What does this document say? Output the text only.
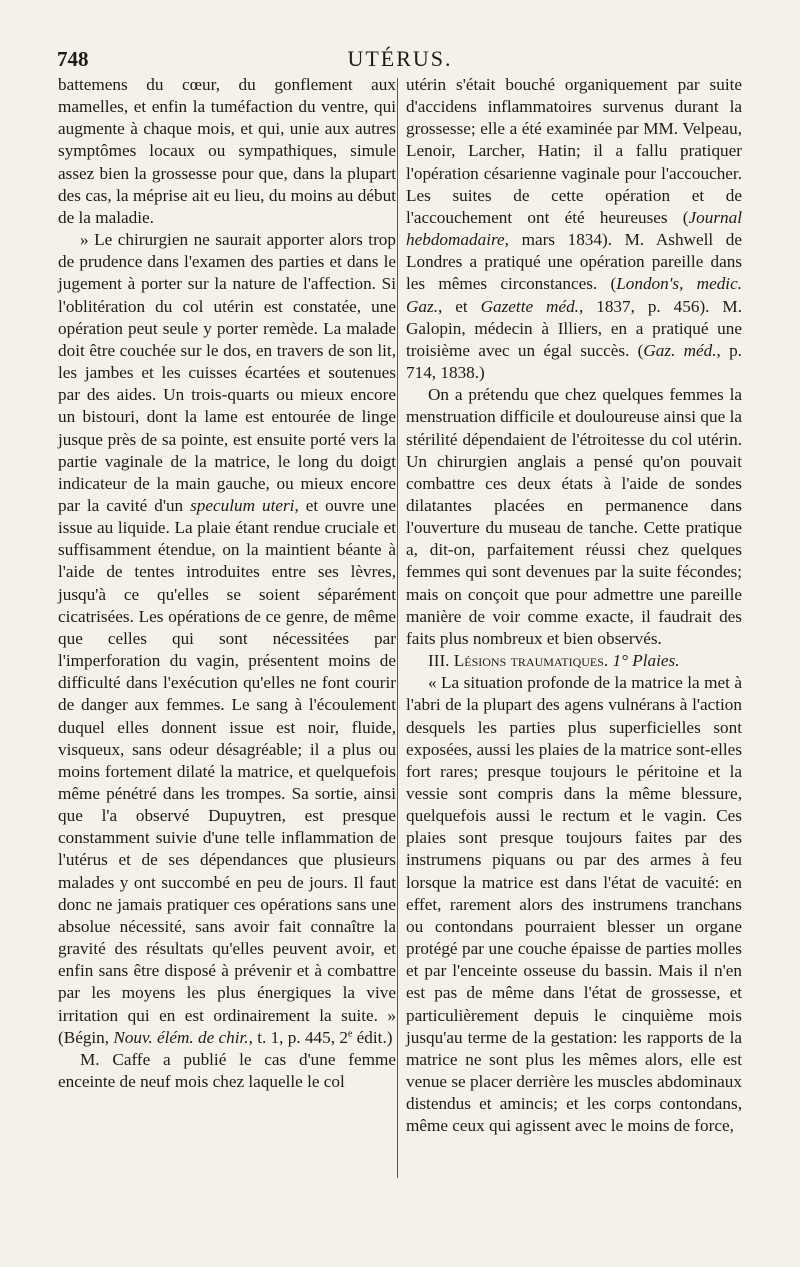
748	UTÉRUS.

battemens du cœur, du gonflement aux mamelles, et enfin la tuméfaction du ventre, qui augmente à chaque mois, et qui, unie aux autres symptômes locaux ou sympathiques, simule assez bien la grossesse pour que, dans la plupart des cas, la méprise ait eu lieu, du moins au début de la maladie.

» Le chirurgien ne saurait apporter alors trop de prudence dans l'examen des parties et dans le jugement à porter sur la nature de l'affection. Si l'oblitération du col utérin est constatée, une opération peut seule y porter remède. La malade doit être couchée sur le dos, en travers de son lit, les jambes et les cuisses écartées et soutenues par des aides. Un trois-quarts ou mieux encore un bistouri, dont la lame est entourée de linge jusque près de sa pointe, est ensuite porté vers la partie vaginale de la matrice, le long du doigt indicateur de la main gauche, ou mieux encore par la cavité d'un speculum uteri, et ouvre une issue au liquide. La plaie étant rendue cruciale et suffisamment étendue, on la maintient béante à l'aide de tentes introduites entre ses lèvres, jusqu'à ce qu'elles se soient séparément cicatrisées. Les opérations de ce genre, de même que celles qui sont nécessitées par l'imperforation du vagin, présentent moins de difficulté dans l'exécution qu'elles ne font courir de danger aux femmes. Le sang à l'écoulement duquel elles donnent issue est noir, fluide, visqueux, sans odeur désagréable; il a plus ou moins fortement dilaté la matrice, et quelquefois même pénétré dans les trompes. Sa sortie, ainsi que l'a observé Dupuytren, est presque constamment suivie d'une telle inflammation de l'utérus et de ses dépendances que plusieurs malades y ont succombé en peu de jours. Il faut donc ne jamais pratiquer ces opérations sans une absolue nécessité, sans avoir fait connaître la gravité des résultats qu'elles peuvent avoir, et enfin sans être disposé à prévenir et à combattre par les moyens les plus énergiques la vive irritation qui en est ordinairement la suite. » (Bégin, Nouv. élém. de chir., t. 1, p. 445, 2e édit.)

M. Caffe a publié le cas d'une femme enceinte de neuf mois chez laquelle le col

utérin s'était bouché organiquement par suite d'accidens inflammatoires survenus durant la grossesse; elle a été examinée par MM. Velpeau, Lenoir, Larcher, Hatin; il a fallu pratiquer l'opération césarienne vaginale pour l'accoucher. Les suites de cette opération et de l'accouchement ont été heureuses (Journal hebdomadaire, mars 1834). M. Ashwell de Londres a pratiqué une opération pareille dans les mêmes circonstances. (London's, medic. Gaz., et Gazette méd., 1837, p. 456). M. Galopin, médecin à Illiers, en a pratiqué une troisième avec un égal succès. (Gaz. méd., p. 714, 1838.)

On a prétendu que chez quelques femmes la menstruation difficile et douloureuse ainsi que la stérilité dépendaient de l'étroitesse du col utérin. Un chirurgien anglais a pensé qu'on pouvait combattre ces deux états à l'aide de sondes dilatantes placées en permanence dans l'ouverture du museau de tanche. Cette pratique a, dit-on, parfaitement réussi chez quelques femmes qui sont devenues par la suite fécondes; mais on conçoit que pour admettre une pareille manière de voir comme exacte, il faudrait des faits plus nombreux et bien observés.

III. Lésions traumatiques. 1° Plaies.

« La situation profonde de la matrice la met à l'abri de la plupart des agens vulnérans à l'action desquels les parties plus superficielles sont exposées, aussi les plaies de la matrice sont-elles fort rares; presque toujours le péritoine et la vessie sont compris dans la même blessure, quelquefois aussi le rectum et le vagin. Ces plaies sont presque toujours faites par des instrumens piquans ou par des armes à feu lorsque la matrice est dans l'état de vacuité: en effet, rarement alors des instrumens tranchans ou contondans pourraient blesser un organe protégé par une couche épaisse de parties molles et par l'enceinte osseuse du bassin. Mais il n'en est pas de même dans l'état de grossesse, et particulièrement depuis le cinquième mois jusqu'au terme de la gestation: les rapports de la matrice ne sont plus les mêmes alors, elle est venue se placer derrière les muscles abdominaux distendus et amincis; et les corps contondans, même ceux qui agissent avec le moins de force,
